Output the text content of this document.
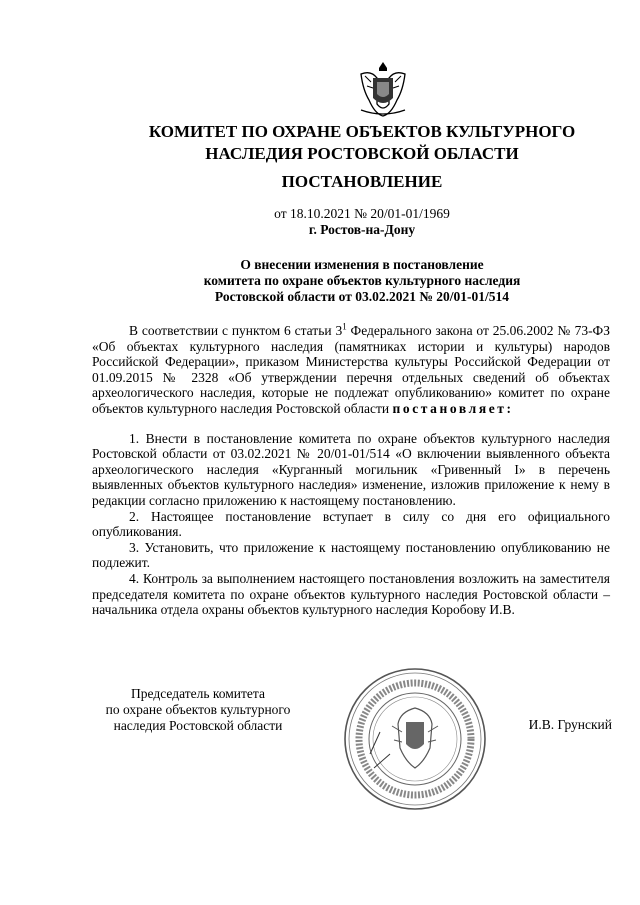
КОМИТЕТ ПО ОХРАНЕ ОБЪЕКТОВ КУЛЬТУРНОГО
НАСЛЕДИЯ РОСТОВСКОЙ ОБЛАСТИ
ПОСТАНОВЛЕНИЕ
от 18.10.2021 № 20/01-01/1969
г. Ростов-на-Дону
О внесении изменения в постановление
комитета по охране объектов культурного наследия
Ростовской области от 03.02.2021 № 20/01-01/514

В соответствии с пунктом 6 статьи $3^1$ Федерального закона от 25.06.2002 № 73-ФЗ «Об объектах культурного наследия (памятниках истории и культуры) народов Российской Федерации», приказом Министерства культуры Российской Федерации от 01.09.2015 № 2328 «Об утверждении перечня отдельных сведений об объектах археологического наследия, которые не подлежат опубликованию» комитет по охране объектов культурного наследия Ростовской области постановляет:

1. Внести в постановление комитета по охране объектов культурного наследия Ростовской области от 03.02.2021 № 20/01-01/514 «О включении выявленного объекта археологического наследия «Курганный могильник «Гривенный I» в перечень выявленных объектов культурного наследия» изменение, изложив приложение к нему в редакции согласно приложению к настоящему постановлению.

2. Настоящее постановление вступает в силу со дня его официального опубликования.

3. Установить, что приложение к настоящему постановлению опубликованию не подлежит.

4. Контроль за выполнением настоящего постановления возложить на заместителя председателя комитета по охране объектов культурного наследия Ростовской области – начальника отдела охраны объектов культурного наследия Коробову И.В.

Председатель комитета
по охране объектов культурного
наследия Ростовской области	И.В. Грунский
